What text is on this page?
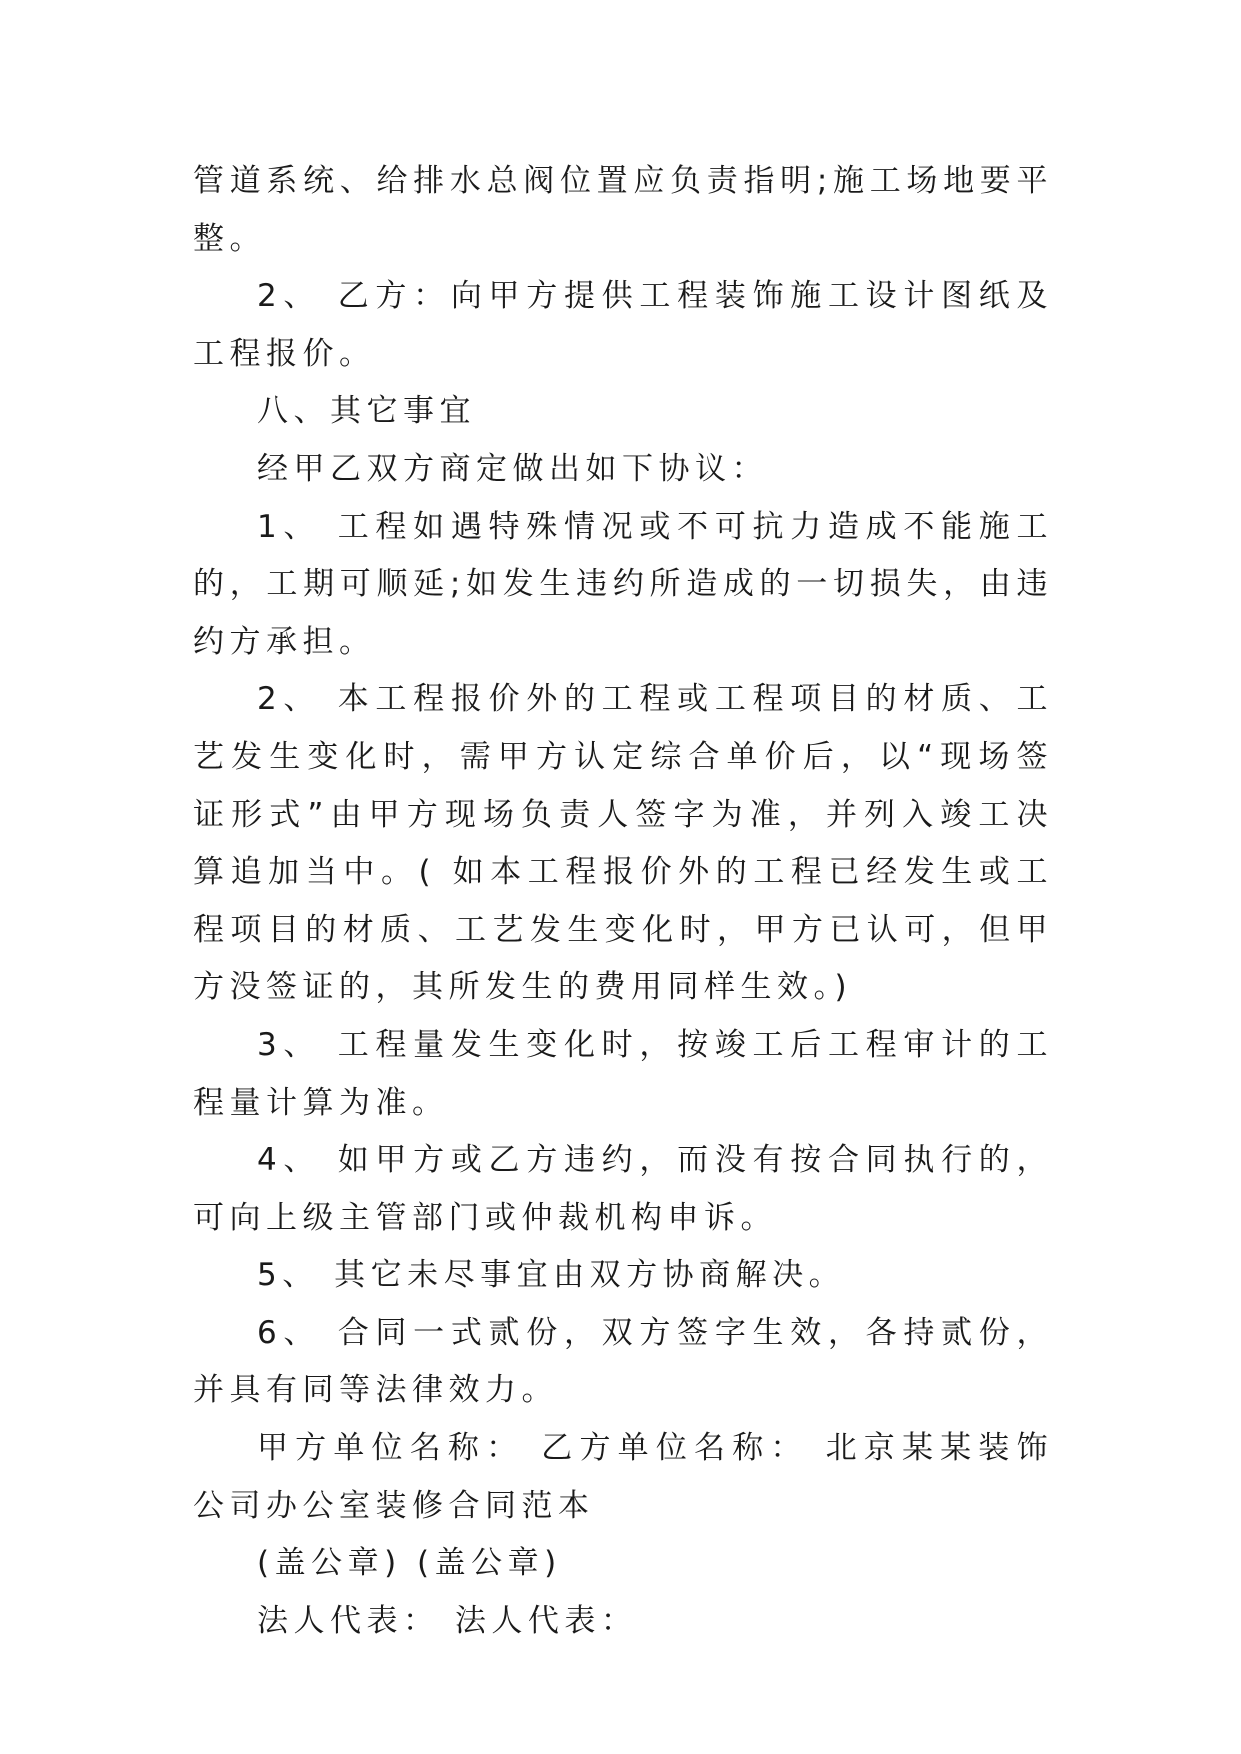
管道系统、给排水总阀位置应负责指明;施工场地要平整。

2、 乙方：向甲方提供工程装饰施工设计图纸及工程报价。

八、其它事宜

经甲乙双方商定做出如下协议：

1、 工程如遇特殊情况或不可抗力造成不能施工的，工期可顺延;如发生违约所造成的一切损失，由违约方承担。

2、 本工程报价外的工程或工程项目的材质、工艺发生变化时，需甲方认定综合单价后，以“现场签证形式”由甲方现场负责人签字为准，并列入竣工决算追加当中。( 如本工程报价外的工程已经发生或工程项目的材质、工艺发生变化时，甲方已认可，但甲方没签证的，其所发生的费用同样生效。)

3、 工程量发生变化时，按竣工后工程审计的工程量计算为准。

4、 如甲方或乙方违约，而没有按合同执行的，可向上级主管部门或仲裁机构申诉。

5、 其它未尽事宜由双方协商解决。

6、 合同一式贰份，双方签字生效，各持贰份，并具有同等法律效力。

甲方单位名称： 乙方单位名称： 北京某某装饰公司办公室装修合同范本

(盖公章) (盖公章)

法人代表： 法人代表：
